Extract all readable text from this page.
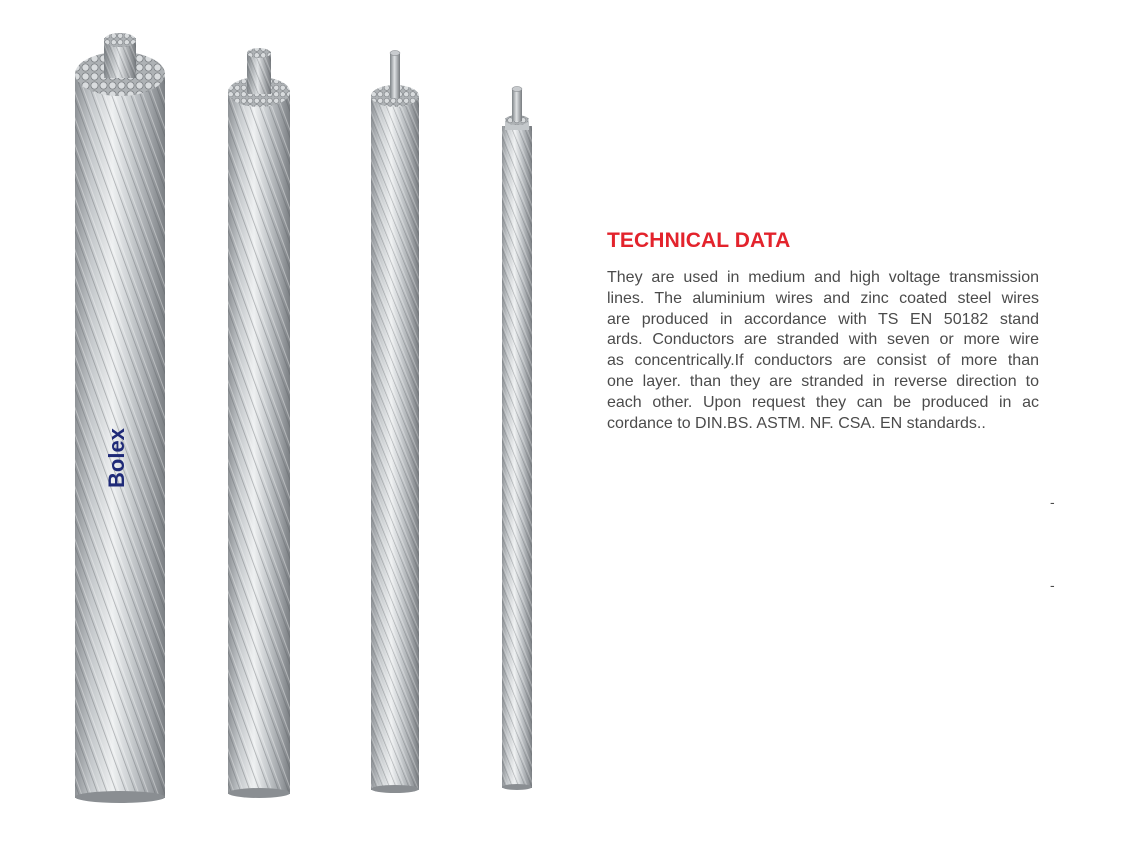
Bolex
TECHNICAL DATA

They are used in medium and high voltage transmission
lines. The aluminium wires and zinc coated steel wires
are produced in accordance with TS EN 50182 stand
ards. Conductors are stranded with seven or more wire
as concentrically.If conductors are consist of more than
one layer. than they are stranded in reverse direction to
each other. Upon request they can be produced in ac
cordance to DIN.BS. ASTM. NF. CSA. EN standards..

-
-
